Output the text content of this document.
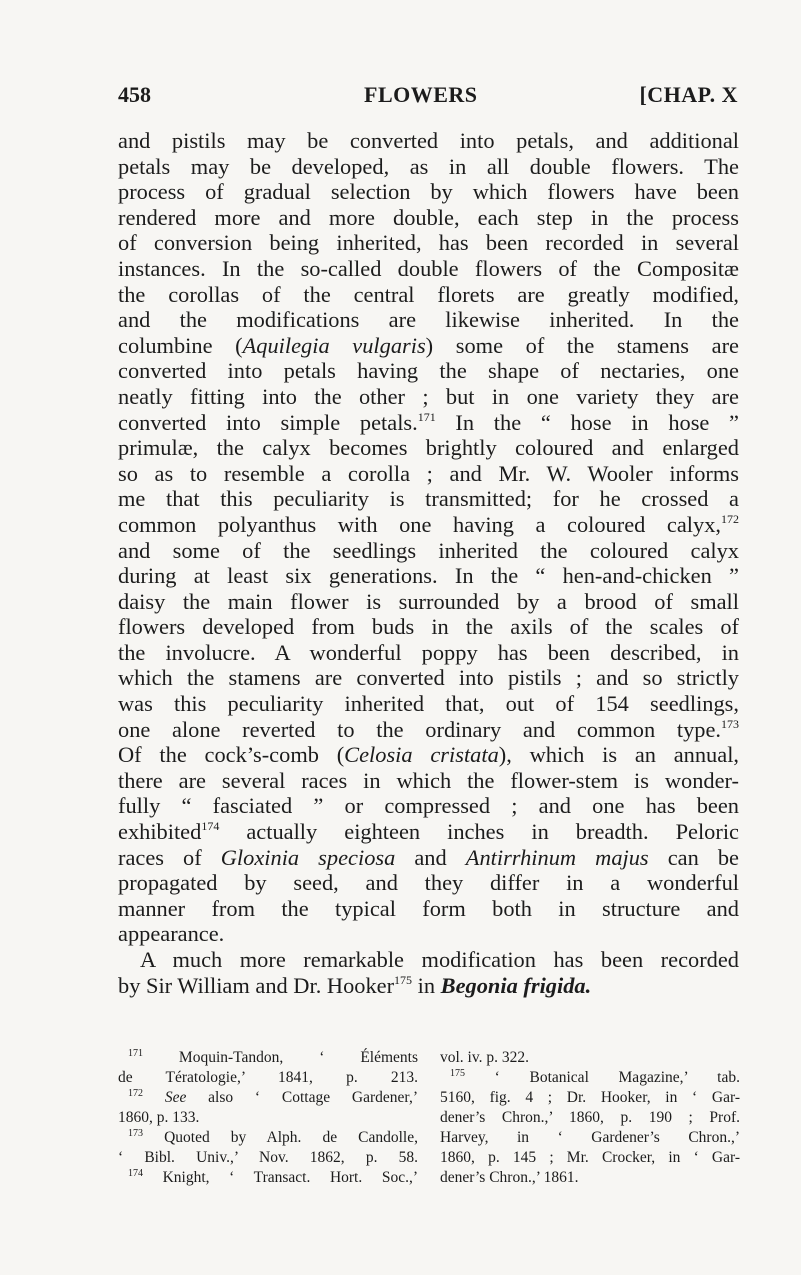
458	FLOWERS	[CHAP. X
and pistils may be converted into petals, and additional
petals may be developed, as in all double flowers. The
process of gradual selection by which flowers have been
rendered more and more double, each step in the process
of conversion being inherited, has been recorded in several
instances. In the so-called double flowers of the Compositæ
the corollas of the central florets are greatly modified,
and the modifications are likewise inherited. In the
columbine (Aquilegia vulgaris) some of the stamens are
converted into petals having the shape of nectaries, one
neatly fitting into the other ; but in one variety they are
converted into simple petals.$^{171}$ In the “ hose in hose ”
primulæ, the calyx becomes brightly coloured and enlarged
so as to resemble a corolla ; and Mr. W. Wooler informs
me that this peculiarity is transmitted; for he crossed a
common polyanthus with one having a coloured calyx,$^{172}$
and some of the seedlings inherited the coloured calyx
during at least six generations. In the “ hen-and-chicken ”
daisy the main flower is surrounded by a brood of small
flowers developed from buds in the axils of the scales of
the involucre. A wonderful poppy has been described, in
which the stamens are converted into pistils ; and so strictly
was this peculiarity inherited that, out of 154 seedlings,
one alone reverted to the ordinary and common type.$^{173}$
Of the cock’s-comb (Celosia cristata), which is an annual,
there are several races in which the flower-stem is wonder-
fully “ fasciated ” or compressed ; and one has been
exhibited$^{174}$ actually eighteen inches in breadth. Peloric
races of Gloxinia speciosa and Antirrhinum majus can be
propagated by seed, and they differ in a wonderful
manner from the typical form both in structure and
appearance.
A much more remarkable modification has been recorded
by Sir William and Dr. Hooker$^{175}$ in Begonia frigida.
$^{171}$ Moquin-Tandon, ‘ Éléments
de Tératologie,’ 1841, p. 213.
$^{172}$ See also ‘ Cottage Gardener,’
1860, p. 133.
$^{173}$ Quoted by Alph. de Candolle,
‘ Bibl. Univ.,’ Nov. 1862, p. 58.
$^{174}$ Knight, ‘ Transact. Hort. Soc.,’
vol. iv. p. 322.
$^{175}$ ‘ Botanical Magazine,’ tab.
5160, fig. 4 ; Dr. Hooker, in ‘ Gar-
dener’s Chron.,’ 1860, p. 190 ; Prof.
Harvey, in ‘ Gardener’s Chron.,’
1860, p. 145 ; Mr. Crocker, in ‘ Gar-
dener’s Chron.,’ 1861.
